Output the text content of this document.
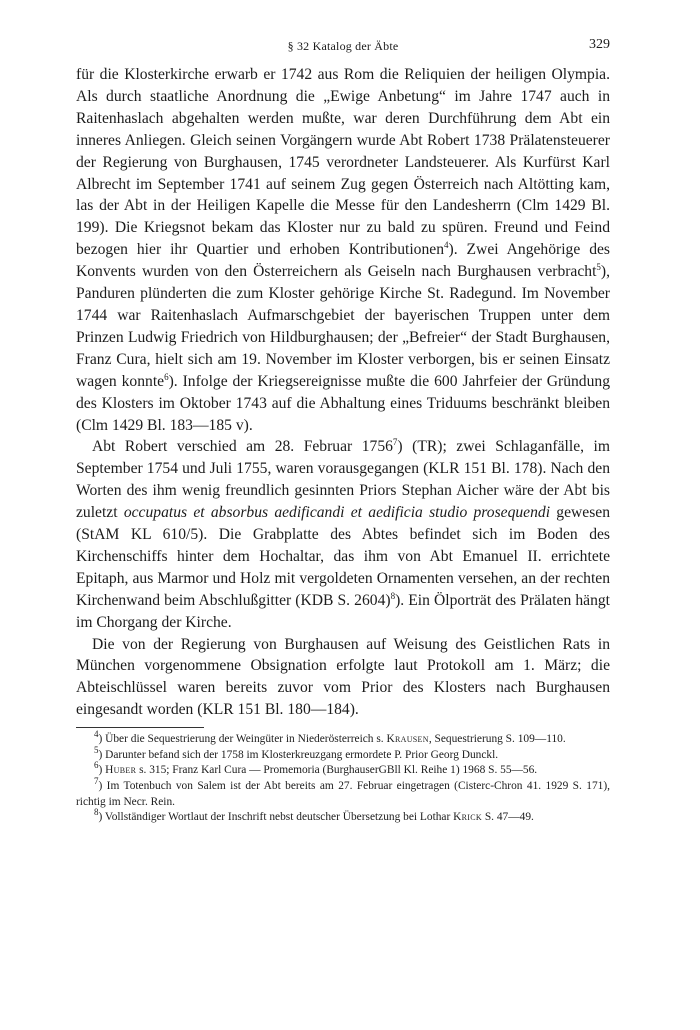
§ 32 Katalog der Äbte	329

für die Klosterkirche erwarb er 1742 aus Rom die Reliquien der heiligen Olympia. Als durch staatliche Anordnung die „Ewige Anbetung“ im Jahre 1747 auch in Raitenhaslach abgehalten werden mußte, war deren Durchführung dem Abt ein inneres Anliegen. Gleich seinen Vorgängern wurde Abt Robert 1738 Prälatensteuerer der Regierung von Burghausen, 1745 verordneter Landsteuerer. Als Kurfürst Karl Albrecht im September 1741 auf seinem Zug gegen Österreich nach Altötting kam, las der Abt in der Heiligen Kapelle die Messe für den Landesherrn (Clm 1429 Bl. 199). Die Kriegsnot bekam das Kloster nur zu bald zu spüren. Freund und Feind bezogen hier ihr Quartier und erhoben Kontributionen$^4$). Zwei Angehörige des Konvents wurden von den Österreichern als Geiseln nach Burghausen verbracht$^5$), Panduren plünderten die zum Kloster gehörige Kirche St. Radegund. Im November 1744 war Raitenhaslach Aufmarschgebiet der bayerischen Truppen unter dem Prinzen Ludwig Friedrich von Hildburghausen; der „Befreier“ der Stadt Burghausen, Franz Cura, hielt sich am 19. November im Kloster verborgen, bis er seinen Einsatz wagen konnte$^6$). Infolge der Kriegsereignisse mußte die 600 Jahrfeier der Gründung des Klosters im Oktober 1743 auf die Abhaltung eines Triduums beschränkt bleiben (Clm 1429 Bl. 183—185 v).

Abt Robert verschied am 28. Februar 1756$^7$) (TR); zwei Schlaganfälle, im September 1754 und Juli 1755, waren vorausgegangen (KLR 151 Bl. 178). Nach den Worten des ihm wenig freundlich gesinnten Priors Stephan Aicher wäre der Abt bis zuletzt occupatus et absorbus aedificandi et aedificia studio prosequendi gewesen (StAM KL 610/5). Die Grabplatte des Abtes befindet sich im Boden des Kirchenschiffs hinter dem Hochaltar, das ihm von Abt Emanuel II. errichtete Epitaph, aus Marmor und Holz mit vergoldeten Ornamenten versehen, an der rechten Kirchenwand beim Abschlußgitter (KDB S. 2604)$^8$). Ein Ölporträt des Prälaten hängt im Chorgang der Kirche.

Die von der Regierung von Burghausen auf Weisung des Geistlichen Rats in München vorgenommene Obsignation erfolgte laut Protokoll am 1. März; die Abteischlüssel waren bereits zuvor vom Prior des Klosters nach Burghausen eingesandt worden (KLR 151 Bl. 180—184).

$^4$) Über die Sequestrierung der Weingüter in Niederösterreich s. Krausen, Sequestrierung S. 109—110.

$^5$) Darunter befand sich der 1758 im Klosterkreuzgang ermordete P. Prior Georg Dunckl.

$^6$) Huber s. 315; Franz Karl Cura — Promemoria (BurghauserGBll Kl. Reihe 1) 1968 S. 55—56.

$^7$) Im Totenbuch von Salem ist der Abt bereits am 27. Februar eingetragen (Cisterc-Chron 41. 1929 S. 171), richtig im Necr. Rein.

$^8$) Vollständiger Wortlaut der Inschrift nebst deutscher Übersetzung bei Lothar Krick S. 47—49.
